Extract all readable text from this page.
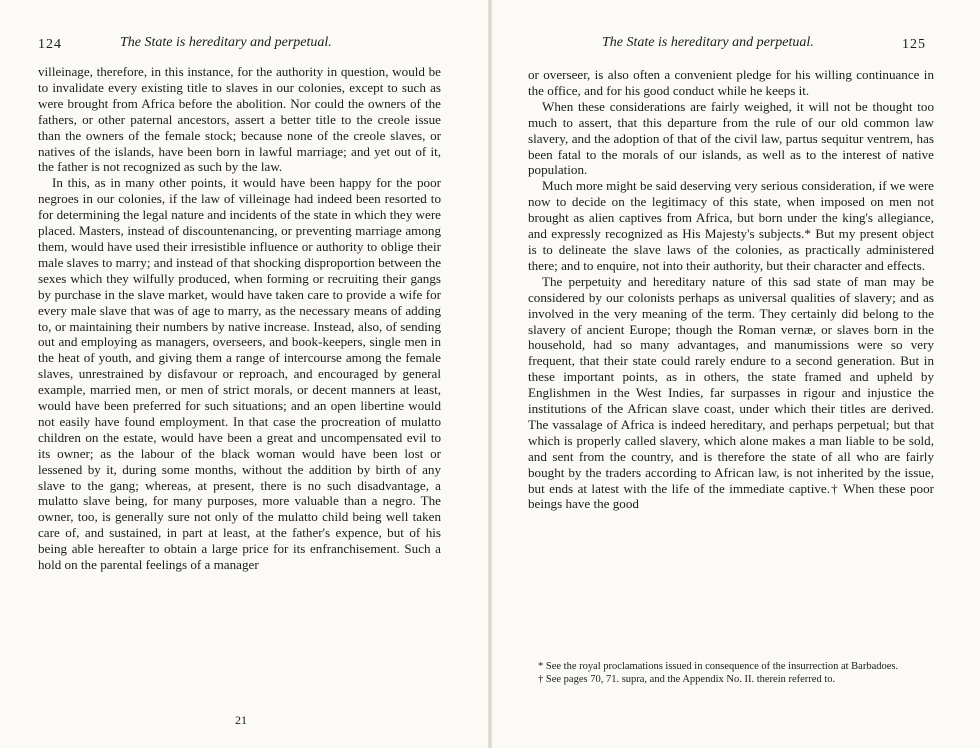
124	The State is hereditary and perpetual.

villeinage, therefore, in this instance, for the authority in question, would be to invalidate every existing title to slaves in our colonies, except to such as were brought from Africa before the abolition. Nor could the owners of the fathers, or other paternal ancestors, assert a better title to the creole issue than the owners of the female stock; because none of the creole slaves, or natives of the islands, have been born in lawful marriage; and yet out of it, the father is not recognized as such by the law.

In this, as in many other points, it would have been happy for the poor negroes in our colonies, if the law of villeinage had indeed been resorted to for determining the legal nature and incidents of the state in which they were placed. Masters, instead of discountenancing, or preventing marriage among them, would have used their irresistible influence or authority to oblige their male slaves to marry; and instead of that shocking disproportion between the sexes which they wilfully produced, when forming or recruiting their gangs by purchase in the slave market, would have taken care to provide a wife for every male slave that was of age to marry, as the necessary means of adding to, or maintaining their numbers by native increase. Instead, also, of sending out and employing as managers, overseers, and book-keepers, single men in the heat of youth, and giving them a range of intercourse among the female slaves, unrestrained by disfavour or reproach, and encouraged by general example, married men, or men of strict morals, or decent manners at least, would have been preferred for such situations; and an open libertine would not easily have found employment. In that case the procreation of mulatto children on the estate, would have been a great and uncompensated evil to its owner; as the labour of the black woman would have been lost or lessened by it, during some months, without the addition by birth of any slave to the gang; whereas, at present, there is no such disadvantage, a mulatto slave being, for many purposes, more valuable than a negro. The owner, too, is generally sure not only of the mulatto child being well taken care of, and sustained, in part at least, at the father's expence, but of his being able hereafter to obtain a large price for its enfranchisement. Such a hold on the parental feelings of a manager

21
The State is hereditary and perpetual.	125

or overseer, is also often a convenient pledge for his willing continuance in the office, and for his good conduct while he keeps it.

When these considerations are fairly weighed, it will not be thought too much to assert, that this departure from the rule of our old common law slavery, and the adoption of that of the civil law, partus sequitur ventrem, has been fatal to the morals of our islands, as well as to the interest of native population.

Much more might be said deserving very serious consideration, if we were now to decide on the legitimacy of this state, when imposed on men not brought as alien captives from Africa, but born under the king's allegiance, and expressly recognized as His Majesty's subjects.* But my present object is to delineate the slave laws of the colonies, as practically administered there; and to enquire, not into their authority, but their character and effects.

The perpetuity and hereditary nature of this sad state of man may be considered by our colonists perhaps as universal qualities of slavery; and as involved in the very meaning of the term. They certainly did belong to the slavery of ancient Europe; though the Roman vernæ, or slaves born in the household, had so many advantages, and manumissions were so very frequent, that their state could rarely endure to a second generation. But in these important points, as in others, the state framed and upheld by Englishmen in the West Indies, far surpasses in rigour and injustice the institutions of the African slave coast, under which their titles are derived. The vassalage of Africa is indeed hereditary, and perhaps perpetual; but that which is properly called slavery, which alone makes a man liable to be sold, and sent from the country, and is therefore the state of all who are fairly bought by the traders according to African law, is not inherited by the issue, but ends at latest with the life of the immediate captive.† When these poor beings have the good

* See the royal proclamations issued in consequence of the insurrection at Barbadoes.

† See pages 70, 71. supra, and the Appendix No. II. therein referred to.
